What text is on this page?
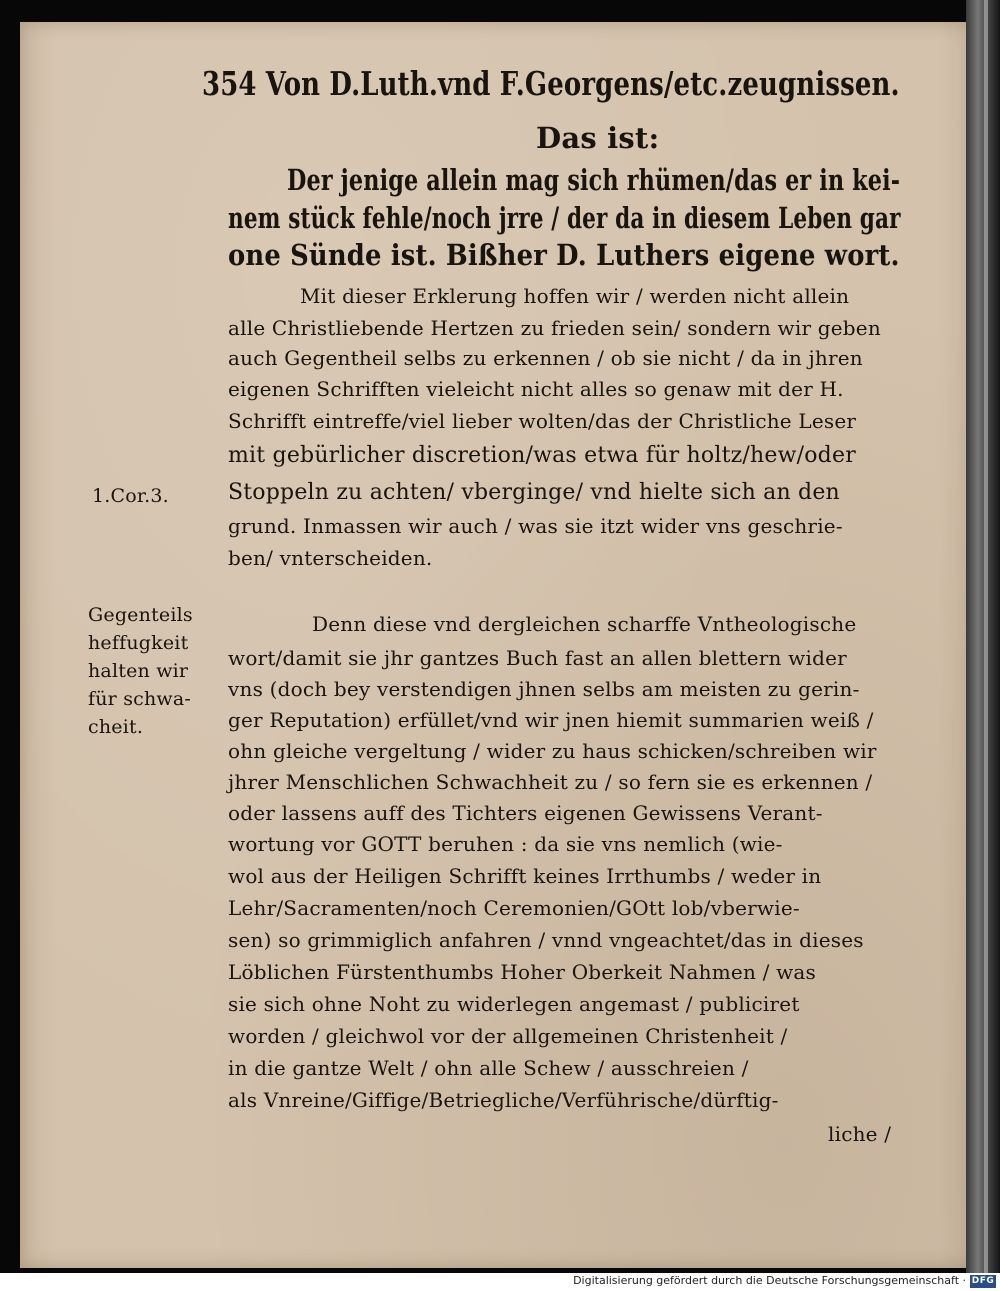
354 Von D.Luth.vnd F.Georgens/etc.zeugnissen.
Das ist:
Der jenige allein mag sich rhümen/das er in kei-
nem stück fehle/noch jrre / der da in diesem Leben gar
one Sünde ist. Bißher D. Luthers eigene wort.
Mit dieser Erklerung hoffen wir / werden nicht allein
alle Christliebende Hertzen zu frieden sein/ sondern wir geben
auch Gegentheil selbs zu erkennen / ob sie nicht / da in jhren
eigenen Schrifften vieleicht nicht alles so genaw mit der H.
Schrifft eintreffe/viel lieber wolten/das der Christliche Leser
mit gebürlicher discretion/was etwa für holtz/hew/oder
Stoppeln zu achten/ vberginge/ vnd hielte sich an den
grund. Inmassen wir auch / was sie itzt wider vns geschrie-
ben/ vnterscheiden.
1.Cor.3.
Denn diese vnd dergleichen scharffe Vntheologische
wort/damit sie jhr gantzes Buch fast an allen blettern wider
vns (doch bey verstendigen jhnen selbs am meisten zu gerin-
ger Reputation) erfüllet/vnd wir jnen hiemit summarien weiß /
ohn gleiche vergeltung / wider zu haus schicken/schreiben wir
jhrer Menschlichen Schwachheit zu / so fern sie es erkennen /
oder lassens auff des Tichters eigenen Gewissens Verant-
wortung vor GOTT beruhen : da sie vns nemlich (wie-
wol aus der Heiligen Schrifft keines Irrthumbs / weder in
Lehr/Sacramenten/noch Ceremonien/GOtt lob/vberwie-
sen) so grimmiglich anfahren / vnnd vngeachtet/das in dieses
Löblichen Fürstenthumbs Hoher Oberkeit Nahmen / was
sie sich ohne Noht zu widerlegen angemast / publiciret
worden / gleichwol vor der allgemeinen Christenheit /
in die gantze Welt / ohn alle Schew / ausschreien /
als Vnreine/Giffige/Betriegliche/Verführische/dürftig-
liche /
Gegenteils
heffugkeit
halten wir
für schwa-
cheit.
Digitalisierung gefördert durch die Deutsche Forschungsgemeinschaft · DFG
